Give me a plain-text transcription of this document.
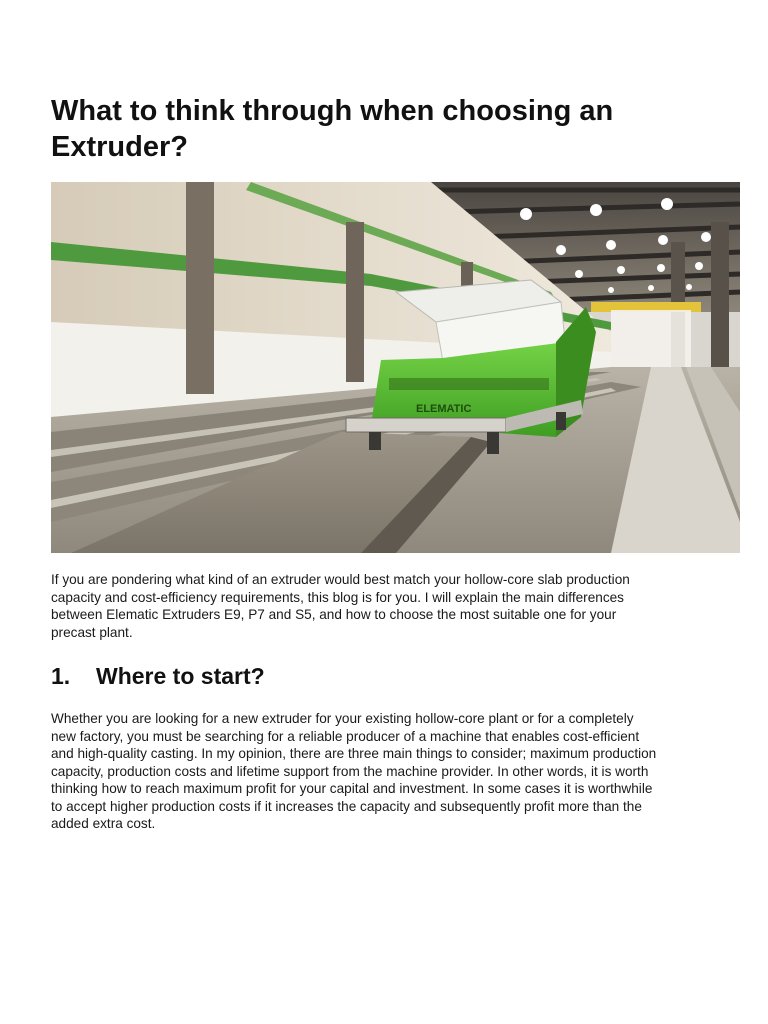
What to think through when choosing an Extruder?
ELEMATIC

If you are pondering what kind of an extruder would best match your hollow-core slab production capacity and cost-efficiency requirements, this blog is for you. I will explain the main differences between Elematic Extruders E9, P7 and S5, and how to choose the most suitable one for your precast plant.

1.	Where to start?

Whether you are looking for a new extruder for your existing hollow-core plant or for a completely new factory, you must be searching for a reliable producer of a machine that enables cost-efficient and high-quality casting. In my opinion, there are three main things to consider; maximum production capacity, production costs and lifetime support from the machine provider. In other words, it is worth thinking how to reach maximum profit for your capital and investment. In some cases it is worthwhile to accept higher production costs if it increases the capacity and subsequently profit more than the added extra cost.
